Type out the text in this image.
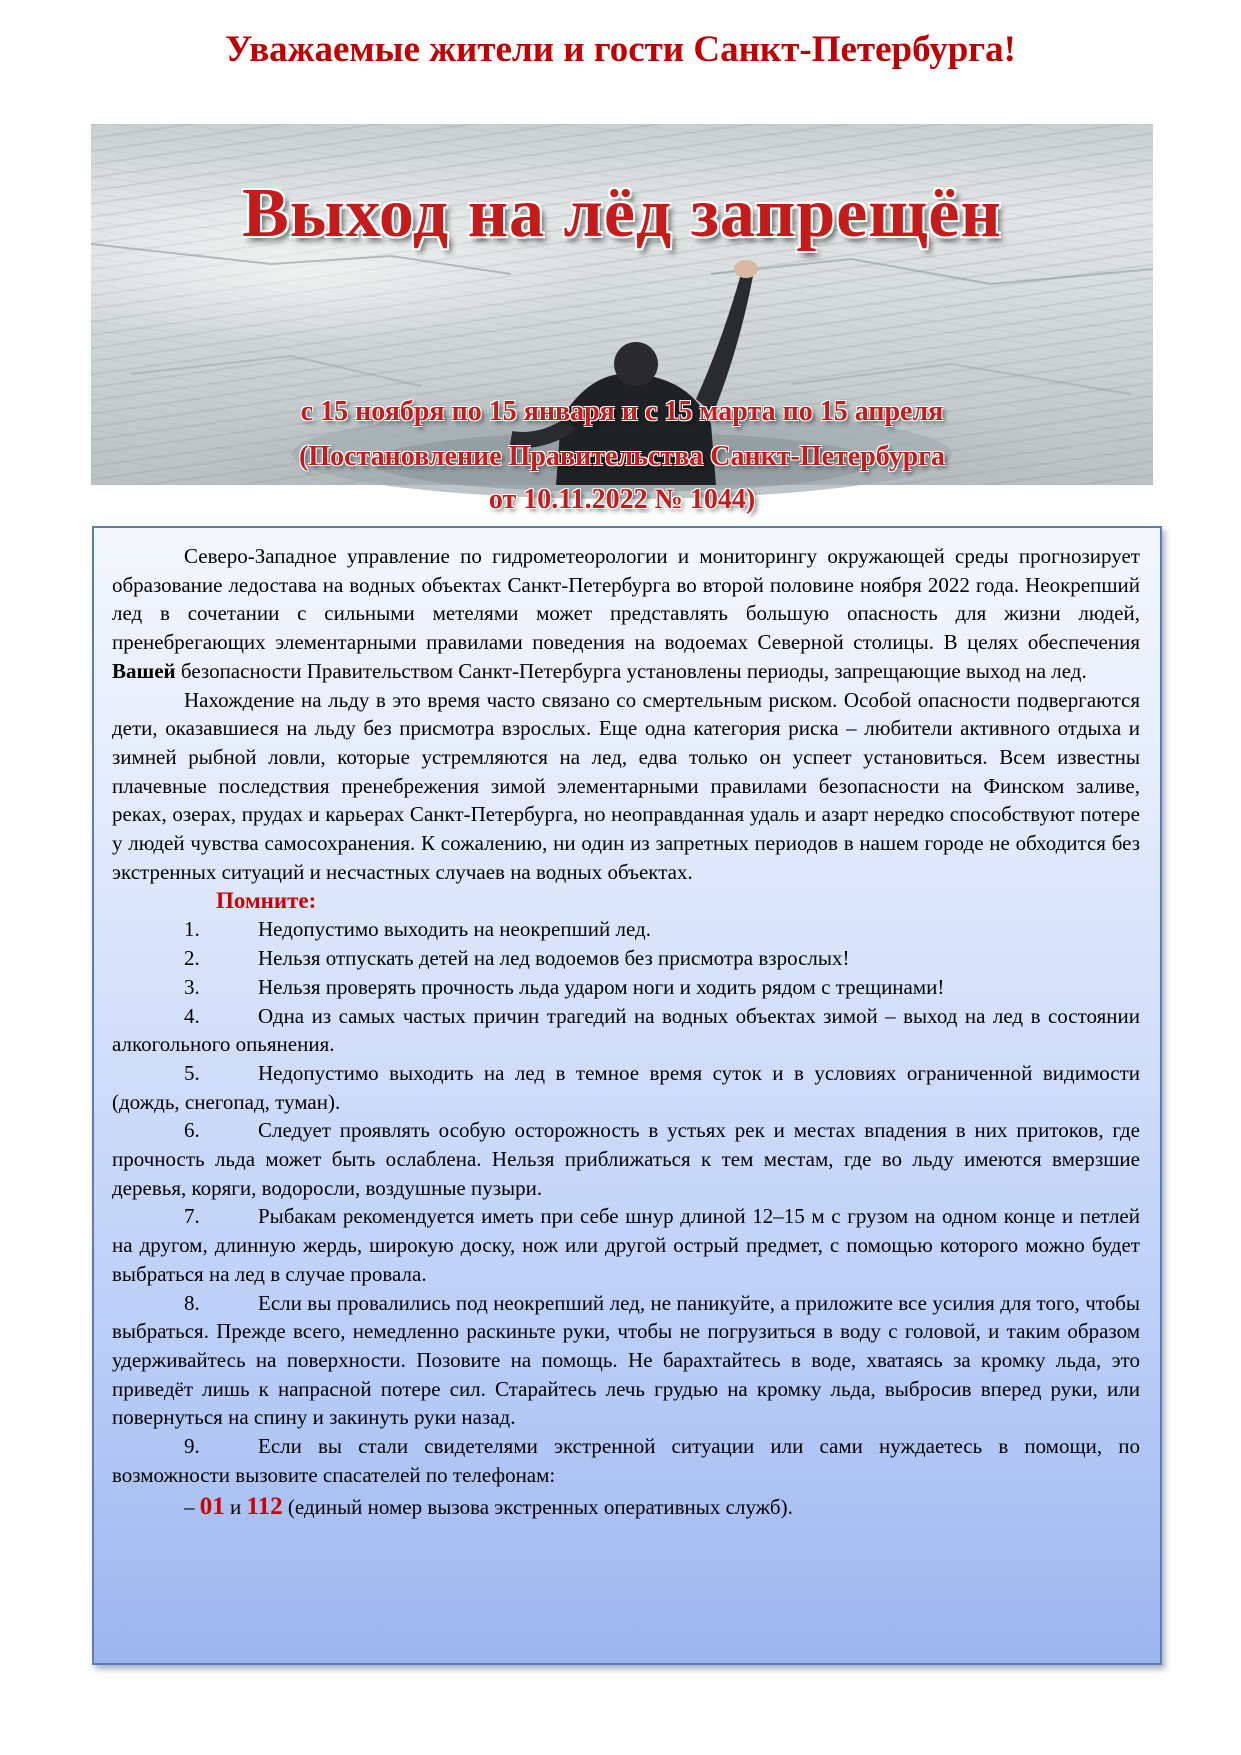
Уважаемые жители и гости Санкт-Петербурга!
Выход на лёд запрещён
с 15 ноября по 15 января и с 15 марта по 15 апреля
(Постановление Правительства Санкт-Петербурга
от 10.11.2022 № 1044)

Северо-Западное управление по гидрометеорологии и мониторингу окружающей среды прогнозирует образование ледостава на водных объектах Санкт-Петербурга во второй половине ноября 2022 года. Неокрепший лед в сочетании с сильными метелями может представлять большую опасность для жизни людей, пренебрегающих элементарными правилами поведения на водоемах Северной столицы. В целях обеспечения Вашей безопасности Правительством Санкт-Петербурга установлены периоды, запрещающие выход на лед.

Нахождение на льду в это время часто связано со смертельным риском. Особой опасности подвергаются дети, оказавшиеся на льду без присмотра взрослых. Еще одна категория риска – любители активного отдыха и зимней рыбной ловли, которые устремляются на лед, едва только он успеет установиться. Всем известны плачевные последствия пренебрежения зимой элементарными правилами безопасности на Финском заливе, реках, озерах, прудах и карьерах Санкт-Петербурга, но неоправданная удаль и азарт нередко способствуют потере у людей чувства самосохранения. К сожалению, ни один из запретных периодов в нашем городе не обходится без экстренных ситуаций и несчастных случаев на водных объектах.

Помните:

1.	Недопустимо выходить на неокрепший лед.

2.	Нельзя отпускать детей на лед водоемов без присмотра взрослых!

3.	Нельзя проверять прочность льда ударом ноги и ходить рядом с трещинами!

4.	Одна из самых частых причин трагедий на водных объектах зимой – выход на лед в состоянии алкогольного опьянения.

5.	Недопустимо выходить на лед в темное время суток и в условиях ограниченной видимости (дождь, снегопад, туман).

6.	Следует проявлять особую осторожность в устьях рек и местах впадения в них притоков, где прочность льда может быть ослаблена. Нельзя приближаться к тем местам, где во льду имеются вмерзшие деревья, коряги, водоросли, воздушные пузыри.

7.	Рыбакам рекомендуется иметь при себе шнур длиной 12–15 м с грузом на одном конце и петлей на другом, длинную жердь, широкую доску, нож или другой острый предмет, с помощью которого можно будет выбраться на лед в случае провала.

8.	Если вы провалились под неокрепший лед, не паникуйте, а приложите все усилия для того, чтобы выбраться. Прежде всего, немедленно раскиньте руки, чтобы не погрузиться в воду с головой, и таким образом удерживайтесь на поверхности. Позовите на помощь. Не барахтайтесь в воде, хватаясь за кромку льда, это приведёт лишь к напрасной потере сил. Старайтесь лечь грудью на кромку льда, выбросив вперед руки, или повернуться на спину и закинуть руки назад.

9.	Если вы стали свидетелями экстренной ситуации или сами нуждаетесь в помощи, по возможности вызовите спасателей по телефонам:

– 01 и 112 (единый номер вызова экстренных оперативных служб).
